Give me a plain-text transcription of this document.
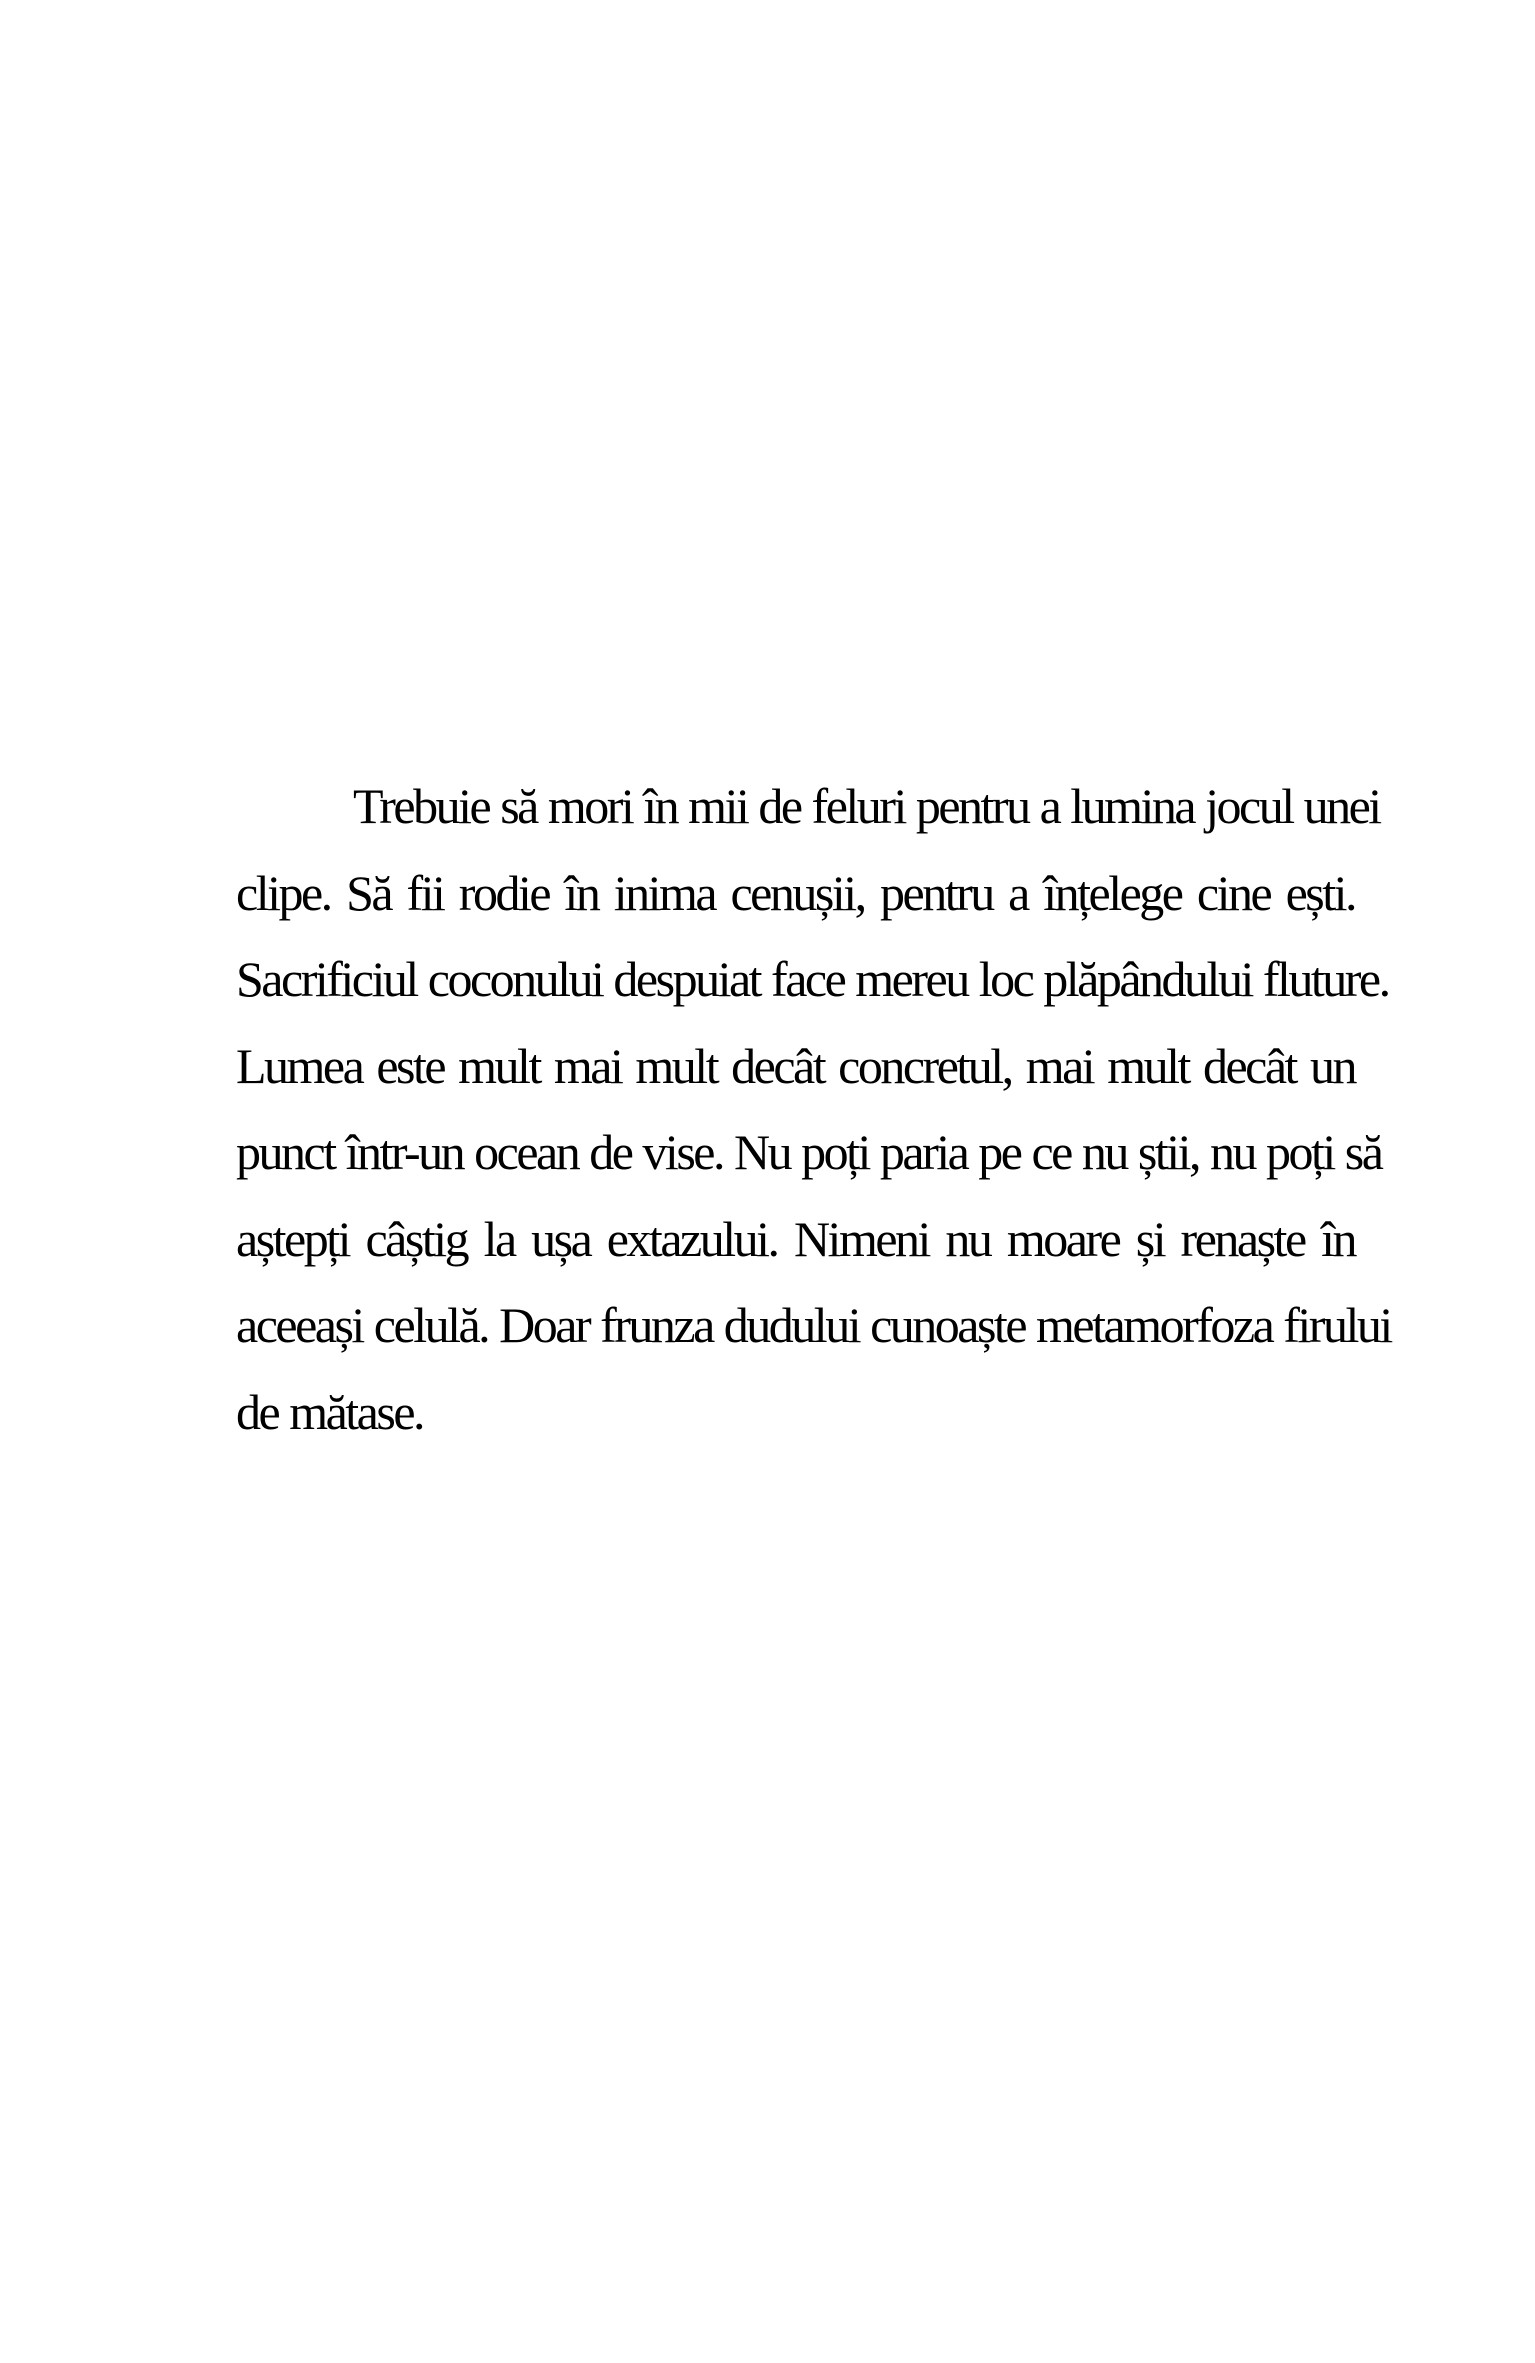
Trebuie să mori în mii de feluri pentru a lumina jocul unei
clipe. Să fii rodie în inima cenușii, pentru a înțelege cine ești.
Sacrificiul coconului despuiat face mereu loc plăpândului fluture.
Lumea este mult mai mult decât concretul, mai mult decât un
punct într-un ocean de vise. Nu poți paria pe ce nu știi, nu poți să
aștepți câștig la ușa extazului. Nimeni nu moare și renaște în
aceeași celulă. Doar frunza dudului cunoaște metamorfoza firului
de mătase.
